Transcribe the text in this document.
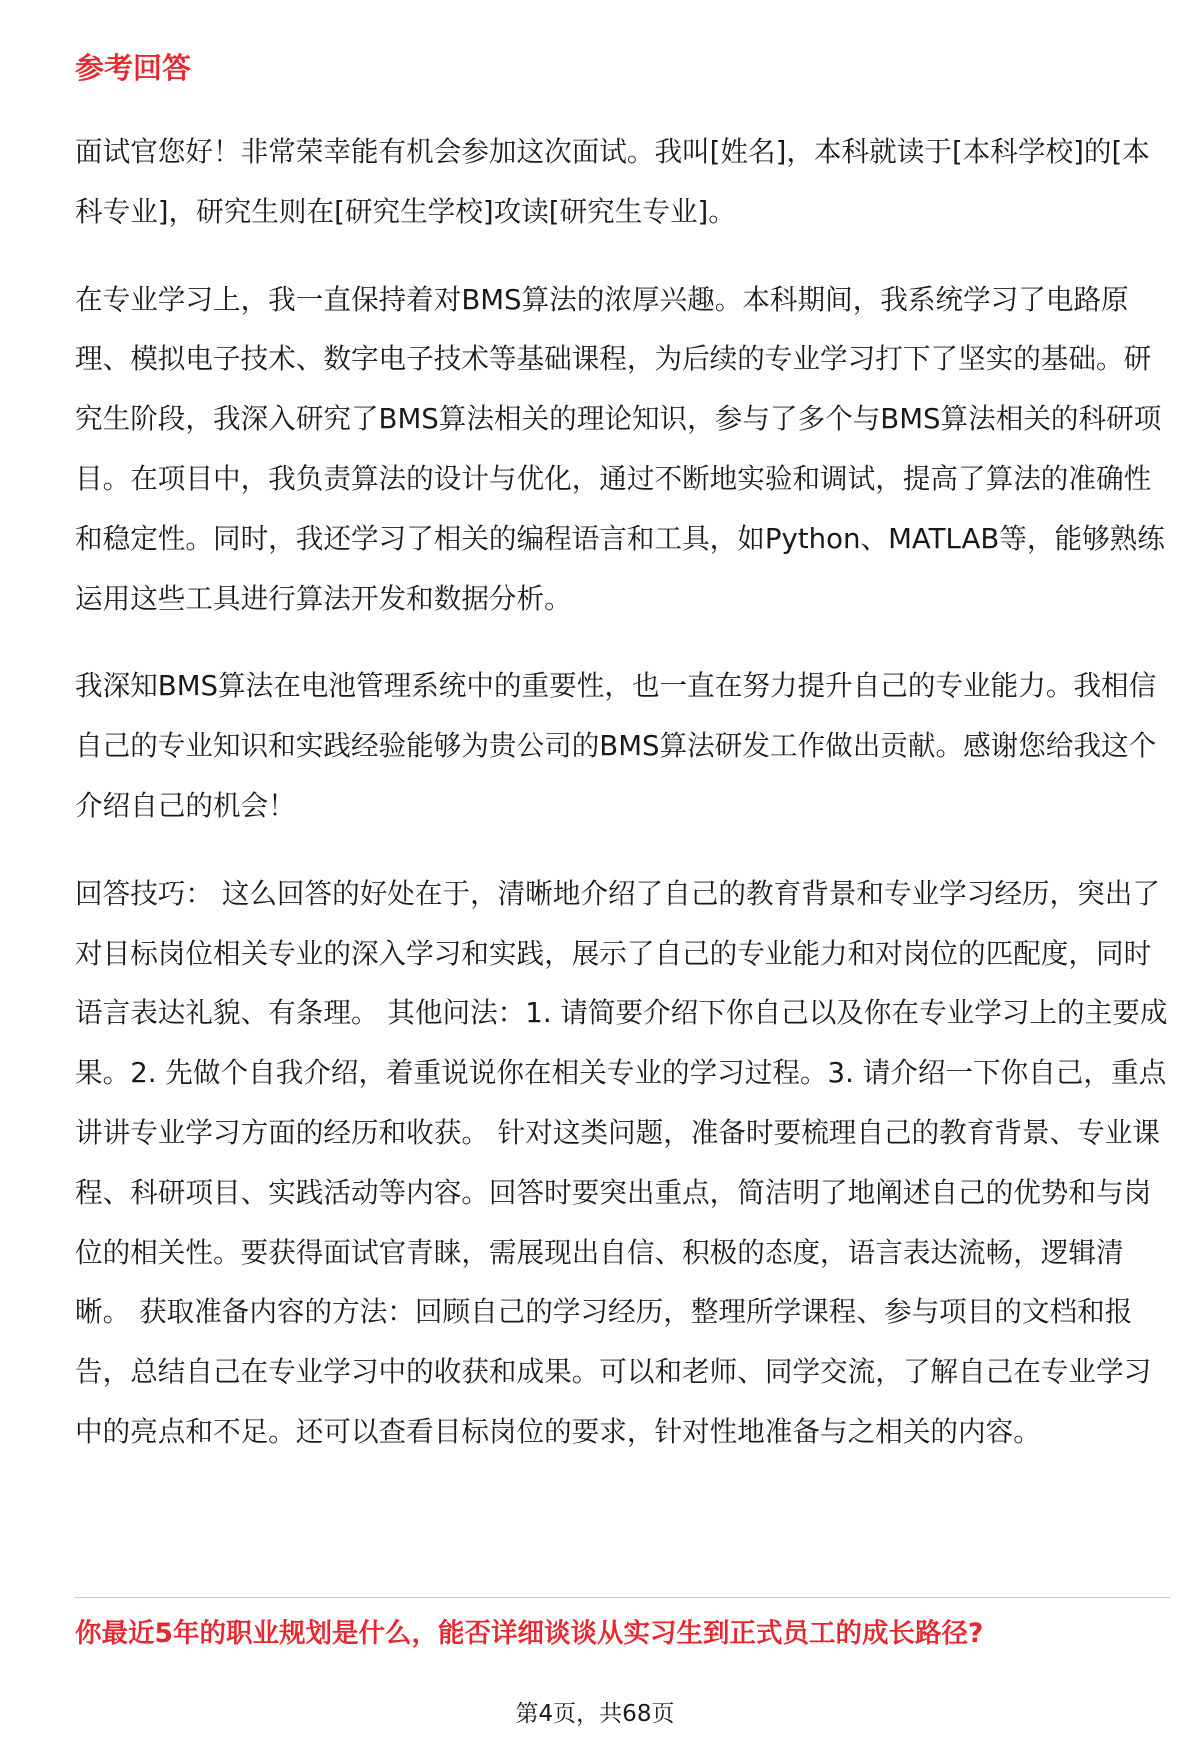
参考回答

面试官您好！非常荣幸能有机会参加这次面试。我叫[姓名]，本科就读于[本科学校]的[本科专业]，研究生则在[研究生学校]攻读[研究生专业]。

在专业学习上，我一直保持着对BMS算法的浓厚兴趣。本科期间，我系统学习了电路原理、模拟电子技术、数字电子技术等基础课程，为后续的专业学习打下了坚实的基础。研究生阶段，我深入研究了BMS算法相关的理论知识，参与了多个与BMS算法相关的科研项目。在项目中，我负责算法的设计与优化，通过不断地实验和调试，提高了算法的准确性和稳定性。同时，我还学习了相关的编程语言和工具，如Python、MATLAB等，能够熟练运用这些工具进行算法开发和数据分析。

我深知BMS算法在电池管理系统中的重要性，也一直在努力提升自己的专业能力。我相信自己的专业知识和实践经验能够为贵公司的BMS算法研发工作做出贡献。感谢您给我这个介绍自己的机会！

回答技巧： 这么回答的好处在于，清晰地介绍了自己的教育背景和专业学习经历，突出了对目标岗位相关专业的深入学习和实践，展示了自己的专业能力和对岗位的匹配度，同时语言表达礼貌、有条理。 其他问法：1. 请简要介绍下你自己以及你在专业学习上的主要成果。2. 先做个自我介绍，着重说说你在相关专业的学习过程。3. 请介绍一下你自己，重点讲讲专业学习方面的经历和收获。 针对这类问题，准备时要梳理自己的教育背景、专业课程、科研项目、实践活动等内容。回答时要突出重点，简洁明了地阐述自己的优势和与岗位的相关性。要获得面试官青睐，需展现出自信、积极的态度，语言表达流畅，逻辑清晰。 获取准备内容的方法：回顾自己的学习经历，整理所学课程、参与项目的文档和报告，总结自己在专业学习中的收获和成果。可以和老师、同学交流，了解自己在专业学习中的亮点和不足。还可以查看目标岗位的要求，针对性地准备与之相关的内容。

你最近5年的职业规划是什么，能否详细谈谈从实习生到正式员工的成长路径?
第4页，共68页
